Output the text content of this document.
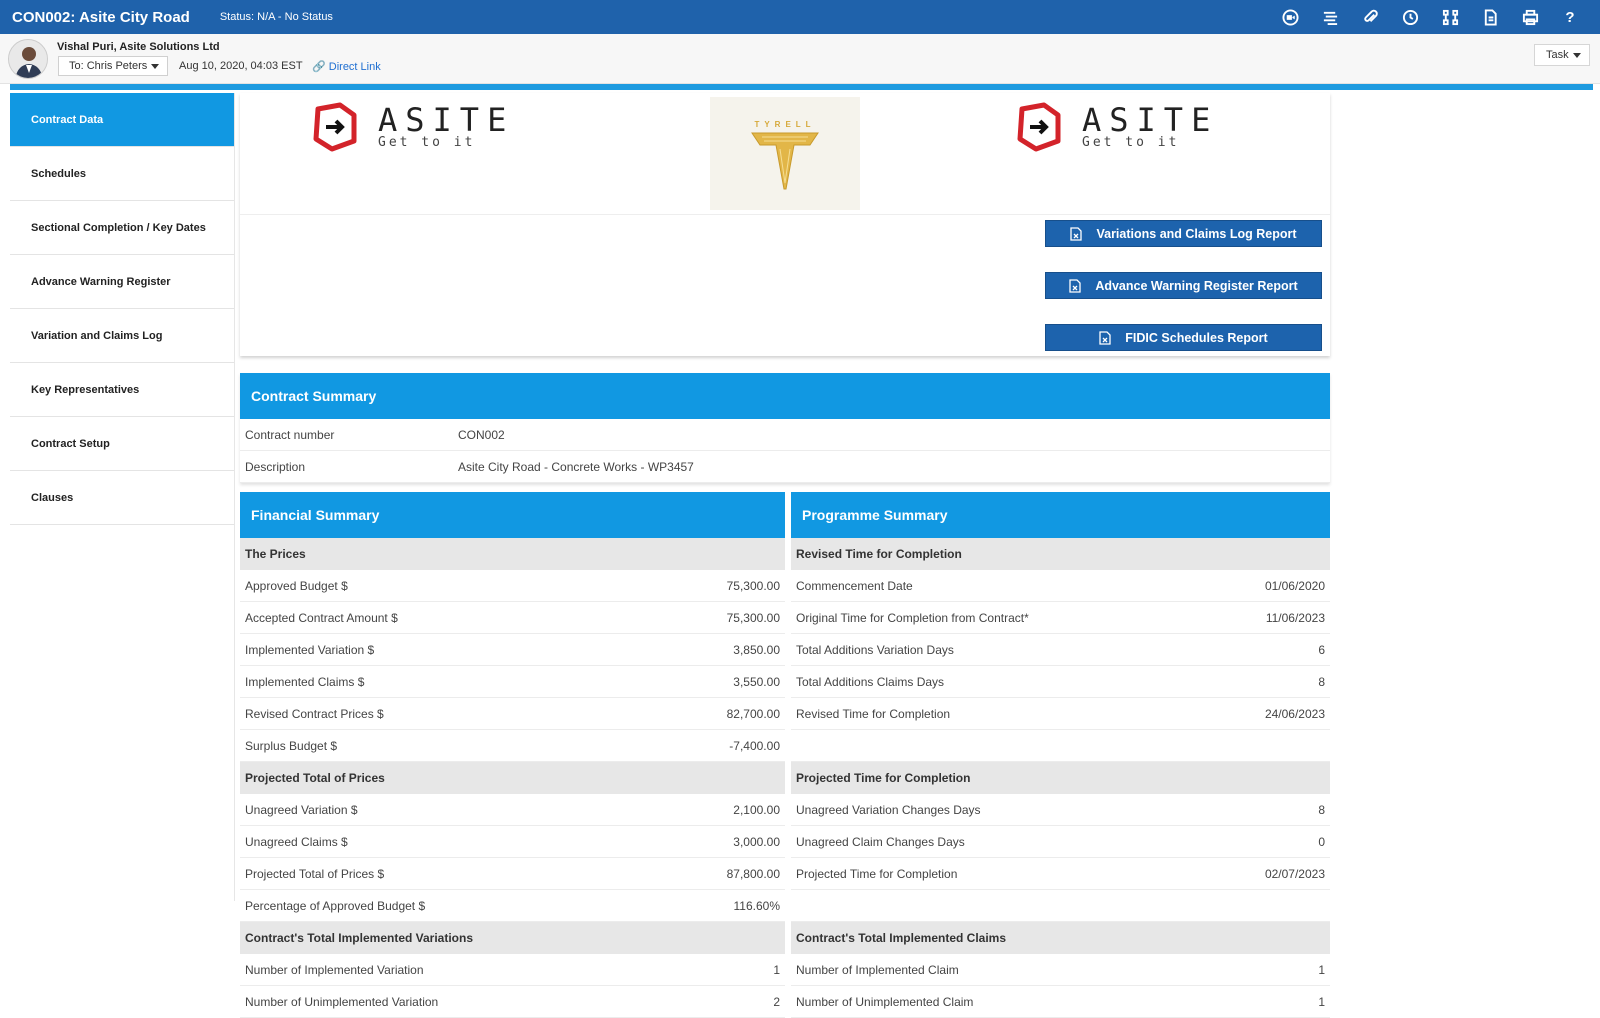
CON002: Asite City Road	Status: N/A - No Status	?
Vishal Puri, Asite Solutions Ltd
To: Chris Peters	Aug 10, 2020, 04:03 EST 🔗 Direct Link
Task
Contract Data
Schedules
Sectional Completion / Key Dates
Advance Warning Register
Variation and Claims Log
Key Representatives
Contract Setup
Clauses
ASITE
Get to it
TYRELL	ASITE
Get to it
Variations and Claims Log Report
Advance Warning Register Report
FIDIC Schedules Report
Contract Summary
Contract number	CON002
Description	Asite City Road - Concrete Works - WP3457
Financial Summary
The Prices
Approved Budget $	75,300.00
Accepted Contract Amount $	75,300.00
Implemented Variation $	3,850.00
Implemented Claims $	3,550.00
Revised Contract Prices $	82,700.00
Surplus Budget $	-7,400.00
Projected Total of Prices
Unagreed Variation $	2,100.00
Unagreed Claims $	3,000.00
Projected Total of Prices $	87,800.00
Percentage of Approved Budget $	116.60%
Contract's Total Implemented Variations
Number of Implemented Variation	1
Number of Unimplemented Variation	2
Programme Summary
Revised Time for Completion
Commencement Date	01/06/2020
Original Time for Completion from Contract*	11/06/2023
Total Additions Variation Days	6
Total Additions Claims Days	8
Revised Time for Completion	24/06/2023
Projected Time for Completion
Unagreed Variation Changes Days	8
Unagreed Claim Changes Days	0
Projected Time for Completion	02/07/2023
Contract's Total Implemented Claims
Number of Implemented Claim	1
Number of Unimplemented Claim	1
